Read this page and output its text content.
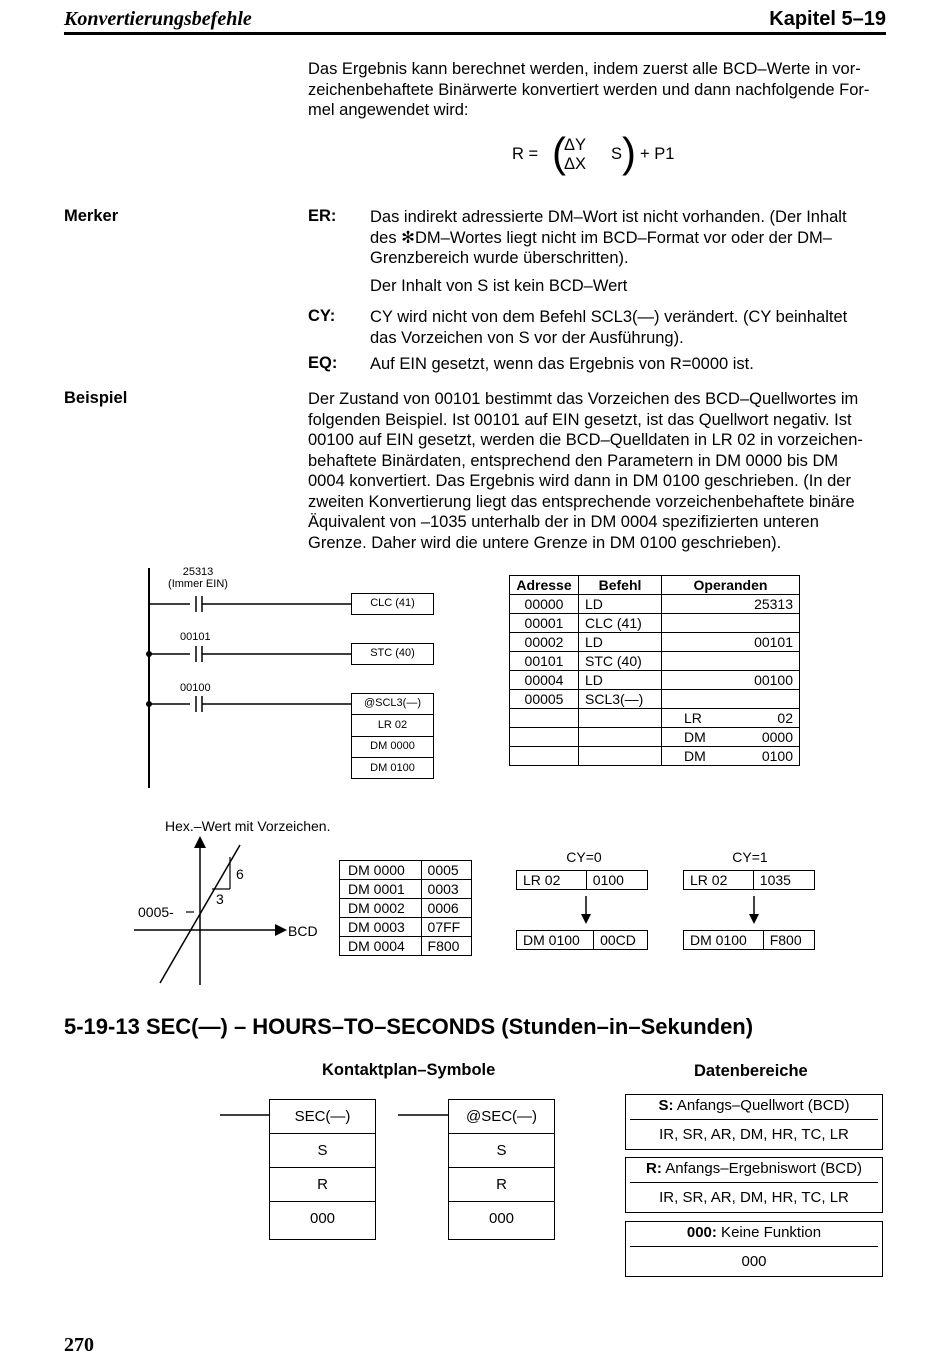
Konvertierungsbefehle	Kapitel 5–19
Das Ergebnis kann berechnet werden, indem zuerst alle BCD–Werte in vor-
zeichenbehaftete Binärwerte konvertiert werden und dann nachfolgende For-
mel angewendet wird:
R = (
ΔY
ΔX
S ) + P1
Merker	ER: Das indirekt adressierte DM–Wort ist nicht vorhanden. (Der Inhalt
des ✻DM–Wortes liegt nicht im BCD–Format vor oder der DM–
Grenzbereich wurde überschritten).
Der Inhalt von S ist kein BCD–Wert
CY: CY wird nicht von dem Befehl SCL3(—) verändert. (CY beinhaltet
das Vorzeichen von S vor der Ausführung).
EQ: Auf EIN gesetzt, wenn das Ergebnis von R=0000 ist.
Beispiel	Der Zustand von 00101 bestimmt das Vorzeichen des BCD–Quellwortes im
folgenden Beispiel. Ist 00101 auf EIN gesetzt, ist das Quellwort negativ. Ist
00100 auf EIN gesetzt, werden die BCD–Quelldaten in LR 02 in vorzeichen-
behaftete Binärdaten, entsprechend den Parametern in DM 0000 bis DM
0004 konvertiert. Das Ergebnis wird dann in DM 0100 geschrieben. (In der
zweiten Konvertierung liegt das entsprechende vorzeichenbehaftete binäre
Äquivalent von –1035 unterhalb der in DM 0004 spezifizierten unteren
Grenze. Daher wird die untere Grenze in DM 0100 geschrieben).
25313
(Immer EIN)
00101
00100
CLC (41)
STC (40)
@SCL3(—)
LR 02
DM 0000
DM 0100
Adresse	Befehl	Operanden	
00000	LD		25313
00001	CLC (41)		
00002	LD		00101
00101	STC (40)		
00004	LD		00100
00005	SCL3(—)		
		LR	02
		DM	0000
		DM	0100
Hex.–Wert mit Vorzeichen.
0005-
6
3
BCD
DM 0000	0005
DM 0001	0003
DM 0002	0006
DM 0003	07FF
DM 0004	F800
CY=0
LR 02	0100
DM 0100	00CD
CY=1
LR 02	1035
DM 0100	F800
5-19-13 SEC(—) – HOURS–TO–SECONDS (Stunden–in–Sekunden)
Kontaktplan–Symbole	Datenbereiche
SEC(—)
S
R
000
@SEC(—)
S
R
000
S: Anfangs–Quellwort (BCD)
IR, SR, AR, DM, HR, TC, LR
R: Anfangs–Ergebniswort (BCD)
IR, SR, AR, DM, HR, TC, LR
000: Keine Funktion
000
270
